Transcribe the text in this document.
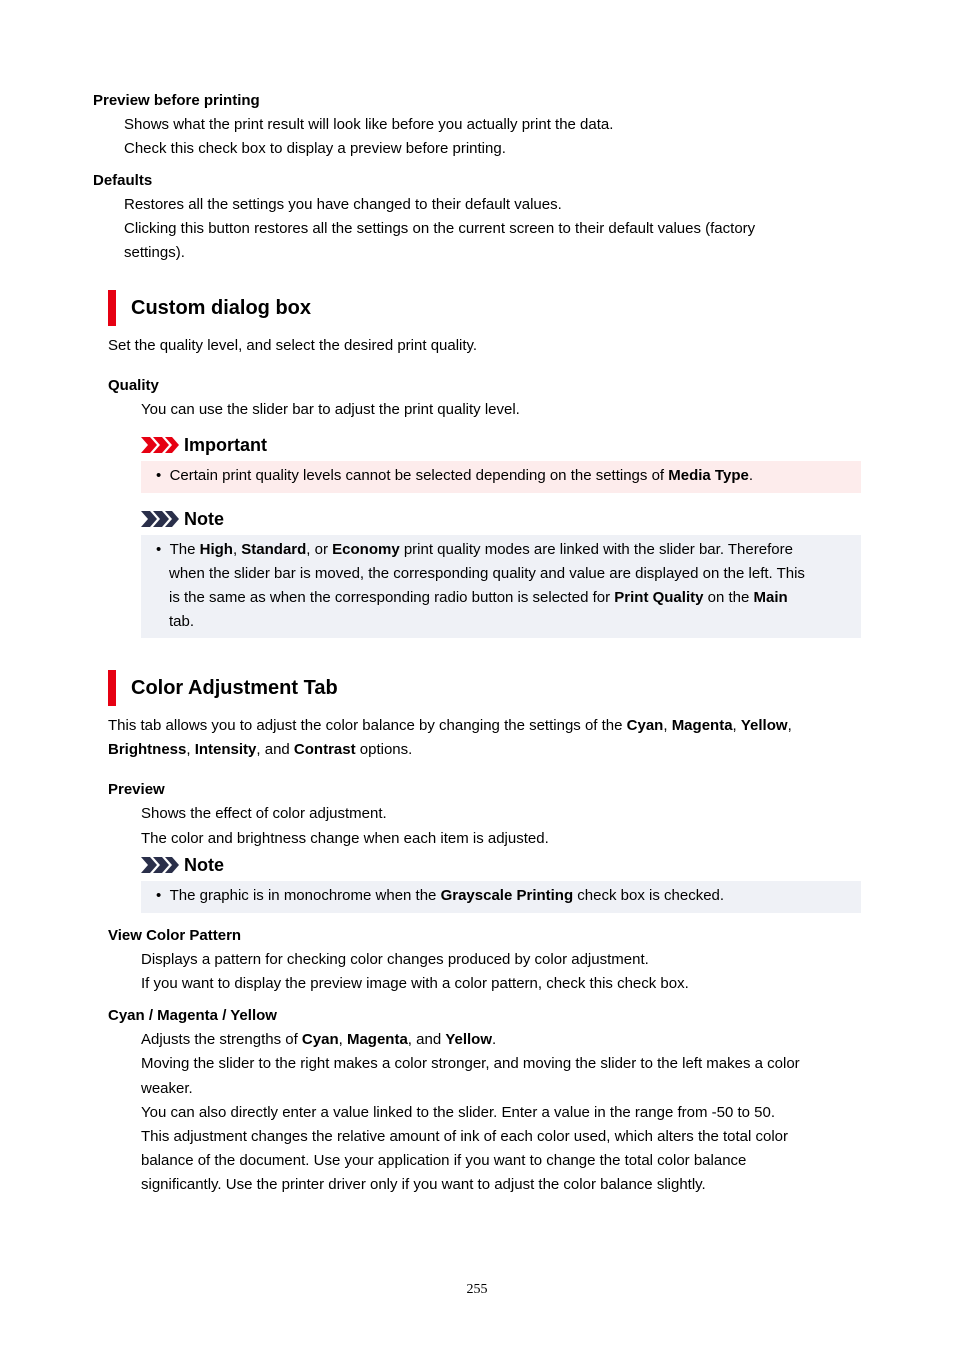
Preview before printing
Shows what the print result will look like before you actually print the data.
Check this check box to display a preview before printing.
Defaults
Restores all the settings you have changed to their default values.
Clicking this button restores all the settings on the current screen to their default values (factory
settings).
Custom dialog box
Set the quality level, and select the desired print quality.
Quality
You can use the slider bar to adjust the print quality level.
Important
•  Certain print quality levels cannot be selected depending on the settings of Media Type.
Note
•  The High, Standard, or Economy print quality modes are linked with the slider bar. Therefore
when the slider bar is moved, the corresponding quality and value are displayed on the left. This
is the same as when the corresponding radio button is selected for Print Quality on the Main
tab.
Color Adjustment Tab
This tab allows you to adjust the color balance by changing the settings of the Cyan, Magenta, Yellow,
Brightness, Intensity, and Contrast options.
Preview
Shows the effect of color adjustment.
The color and brightness change when each item is adjusted.
Note
•  The graphic is in monochrome when the Grayscale Printing check box is checked.
View Color Pattern
Displays a pattern for checking color changes produced by color adjustment.
If you want to display the preview image with a color pattern, check this check box.
Cyan / Magenta / Yellow
Adjusts the strengths of Cyan, Magenta, and Yellow.
Moving the slider to the right makes a color stronger, and moving the slider to the left makes a color
weaker.
You can also directly enter a value linked to the slider. Enter a value in the range from -50 to 50.
This adjustment changes the relative amount of ink of each color used, which alters the total color
balance of the document. Use your application if you want to change the total color balance
significantly. Use the printer driver only if you want to adjust the color balance slightly.
255
